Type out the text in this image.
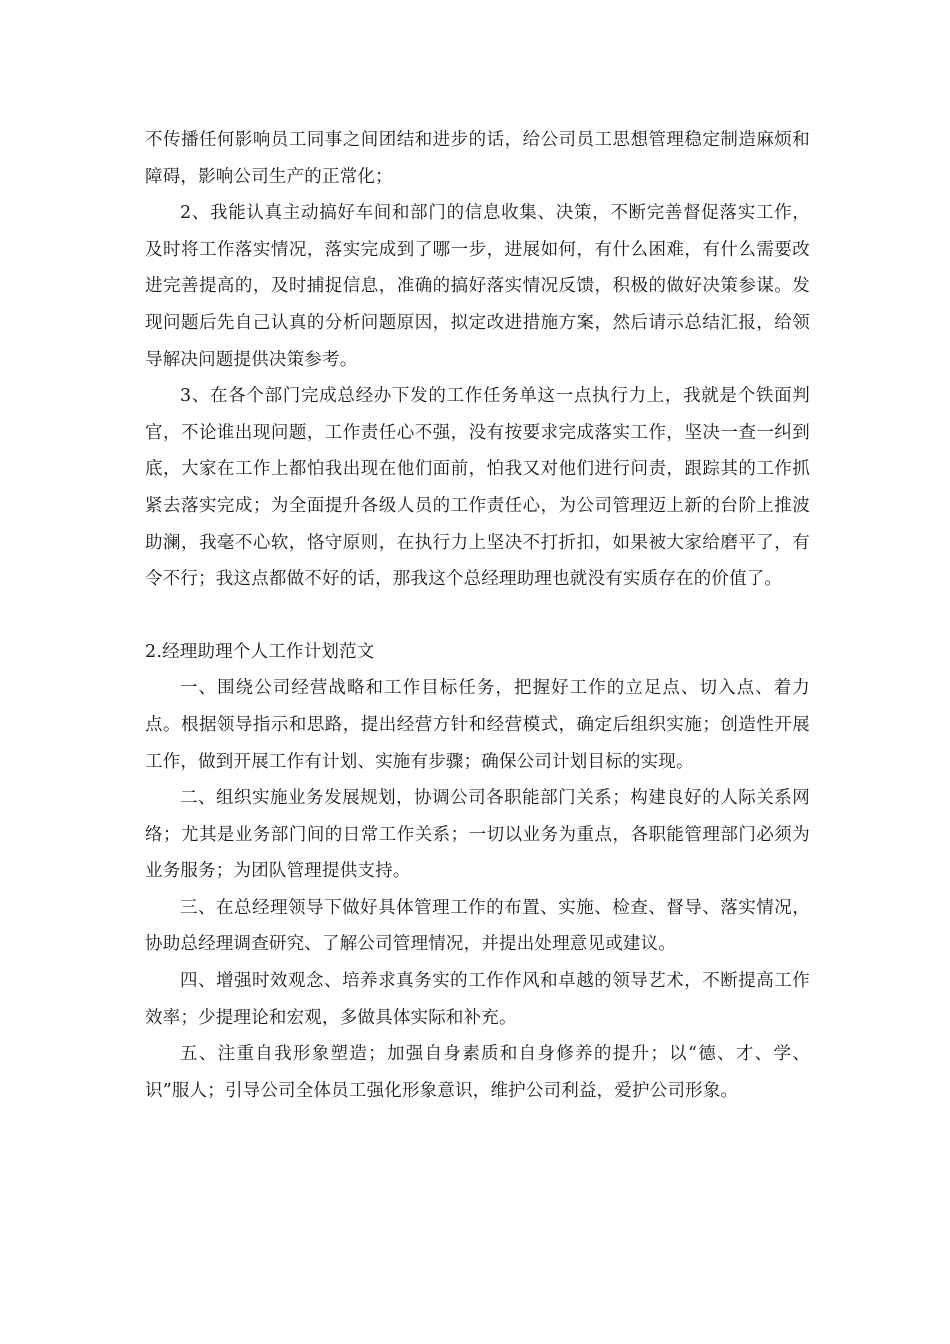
不传播任何影响员工同事之间团结和进步的话，给公司员工思想管理稳定制造麻烦和障碍，影响公司生产的正常化；

2、我能认真主动搞好车间和部门的信息收集、决策，不断完善督促落实工作，及时将工作落实情况，落实完成到了哪一步，进展如何，有什么困难，有什么需要改进完善提高的，及时捕捉信息，准确的搞好落实情况反馈，积极的做好决策参谋。发现问题后先自己认真的分析问题原因，拟定改进措施方案，然后请示总结汇报，给领导解决问题提供决策参考。

3、在各个部门完成总经办下发的工作任务单这一点执行力上，我就是个铁面判官，不论谁出现问题，工作责任心不强，没有按要求完成落实工作，坚决一查一纠到底，大家在工作上都怕我出现在他们面前，怕我又对他们进行问责，跟踪其的工作抓紧去落实完成；为全面提升各级人员的工作责任心，为公司管理迈上新的台阶上推波助澜，我毫不心软，恪守原则，在执行力上坚决不打折扣，如果被大家给磨平了，有令不行；我这点都做不好的话，那我这个总经理助理也就没有实质存在的价值了。

2.经理助理个人工作计划范文

一、围绕公司经营战略和工作目标任务，把握好工作的立足点、切入点、着力点。根据领导指示和思路，提出经营方针和经营模式，确定后组织实施；创造性开展工作，做到开展工作有计划、实施有步骤；确保公司计划目标的实现。

二、组织实施业务发展规划，协调公司各职能部门关系；构建良好的人际关系网络；尤其是业务部门间的日常工作关系；一切以业务为重点，各职能管理部门必须为业务服务；为团队管理提供支持。

三、在总经理领导下做好具体管理工作的布置、实施、检查、督导、落实情况，协助总经理调查研究、了解公司管理情况，并提出处理意见或建议。

四、增强时效观念、培养求真务实的工作作风和卓越的领导艺术，不断提高工作效率；少提理论和宏观，多做具体实际和补充。

五、注重自我形象塑造；加强自身素质和自身修养的提升；以“德、才、学、识”服人；引导公司全体员工强化形象意识，维护公司利益，爱护公司形象。
